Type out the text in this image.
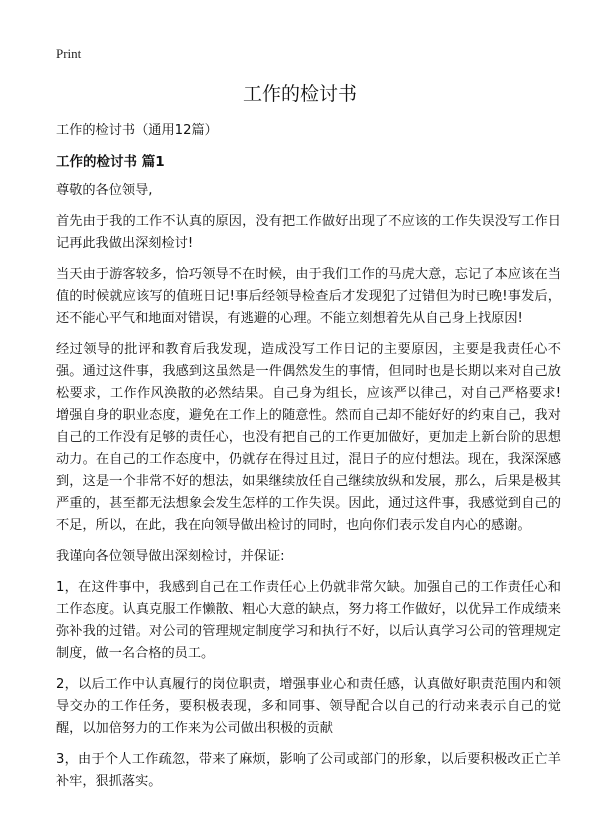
Print
工作的检讨书

工作的检讨书（通用12篇）

工作的检讨书 篇1

尊敬的各位领导,

首先由于我的工作不认真的原因，没有把工作做好出现了不应该的工作失误没写工作日记再此我做出深刻检讨!

当天由于游客较多，恰巧领导不在时候，由于我们工作的马虎大意，忘记了本应该在当值的时候就应该写的值班日记!事后经领导检查后才发现犯了过错但为时已晚!事发后，还不能心平气和地面对错误，有逃避的心理。不能立刻想着先从自己身上找原因!

经过领导的批评和教育后我发现，造成没写工作日记的主要原因，主要是我责任心不强。通过这件事，我感到这虽然是一件偶然发生的事情，但同时也是长期以来对自己放松要求，工作作风涣散的必然结果。自己身为组长，应该严以律己，对自己严格要求!增强自身的职业态度，避免在工作上的随意性。然而自己却不能好好的约束自己，我对自己的工作没有足够的责任心，也没有把自己的工作更加做好，更加走上新台阶的思想动力。在自己的工作态度中，仍就存在得过且过，混日子的应付想法。现在，我深深感到，这是一个非常不好的想法，如果继续放任自己继续放纵和发展，那么，后果是极其严重的，甚至都无法想象会发生怎样的工作失误。因此，通过这件事，我感觉到自己的不足，所以，在此，我在向领导做出检讨的同时，也向你们表示发自内心的感谢。

我谨向各位领导做出深刻检讨，并保证:

1，在这件事中，我感到自己在工作责任心上仍就非常欠缺。加强自己的工作责任心和工作态度。认真克服工作懒散、粗心大意的缺点，努力将工作做好，以优异工作成绩来弥补我的过错。对公司的管理规定制度学习和执行不好，以后认真学习公司的管理规定制度，做一名合格的员工。

2，以后工作中认真履行的岗位职责，增强事业心和责任感，认真做好职责范围内和领导交办的工作任务，要积极表现，多和同事、领导配合以自己的行动来表示自己的觉醒，以加倍努力的工作来为公司做出积极的贡献

3，由于个人工作疏忽，带来了麻烦，影响了公司或部门的形象，以后要积极改正亡羊补牢，狠抓落实。
